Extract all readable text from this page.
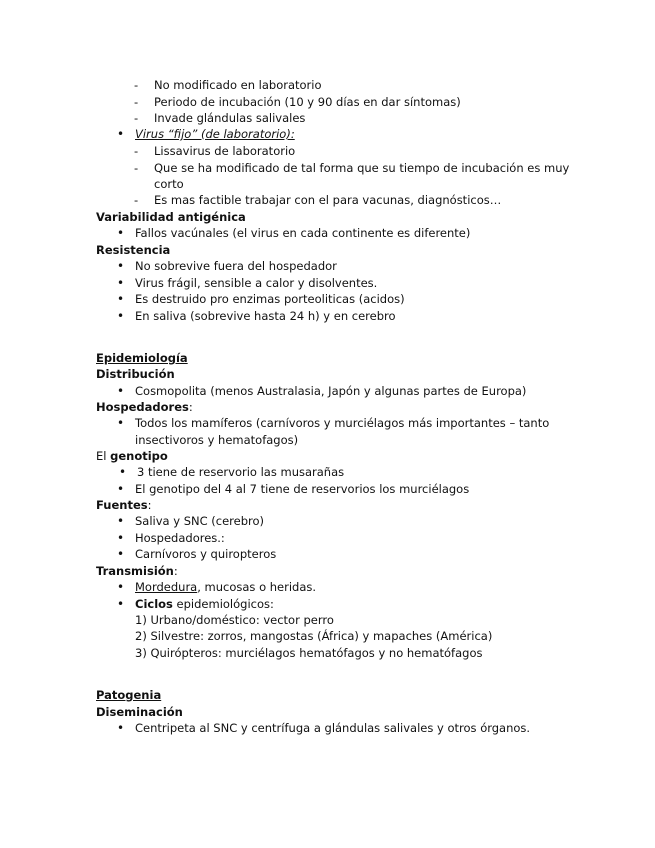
- No modificado en laboratorio
- Periodo de incubación (10 y 90 días en dar síntomas)
- Invade glándulas salivales
• Virus “fijo” (de laboratorio):
- Lissavirus de laboratorio
- Que se ha modificado de tal forma que su tiempo de incubación es muy
corto
- Es mas factible trabajar con el para vacunas, diagnósticos…
Variabilidad antigénica
• Fallos vacúnales (el virus en cada continente es diferente)
Resistencia
• No sobrevive fuera del hospedador
• Virus frágil, sensible a calor y disolventes.
• Es destruido pro enzimas porteoliticas (acidos)
• En saliva (sobrevive hasta 24 h) y en cerebro
Epidemiología
Distribución
• Cosmopolita (menos Australasia, Japón y algunas partes de Europa)
Hospedadores:
• Todos los mamíferos (carnívoros y murciélagos más importantes – tanto
insectivoros y hematofagos)
El genotipo
• 3 tiene de reservorio las musarañas
• El genotipo del 4 al 7 tiene de reservorios los murciélagos
Fuentes:
• Saliva y SNC (cerebro)
• Hospedadores.:
• Carnívoros y quiropteros
Transmisión:
• Mordedura, mucosas o heridas.
• Ciclos epidemiológicos:
1) Urbano/doméstico: vector perro
2) Silvestre: zorros, mangostas (África) y mapaches (América)
3) Quirópteros: murciélagos hematófagos y no hematófagos
Patogenia
Diseminación
• Centripeta al SNC y centrífuga a glándulas salivales y otros órganos.
